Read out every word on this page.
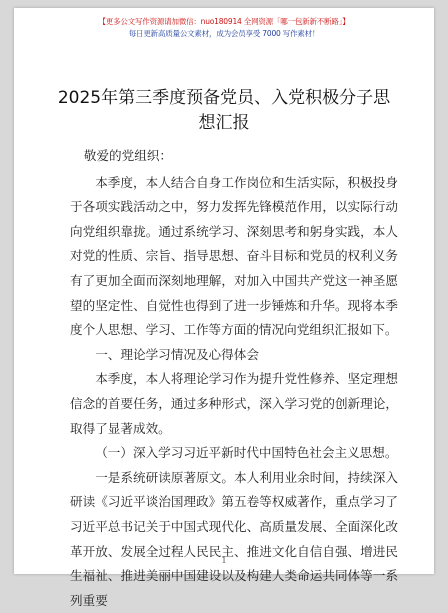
【更多公文写作资源请加微信：nuo180914 全网资源「哪一包新新不断路」】
每日更新高质量公文素材，成为会员享受 7000 写作素材！
2025年第三季度预备党员、入党积极分子思想汇报

敬爱的党组织：

本季度，本人结合自身工作岗位和生活实际，积极投身于各项实践活动之中，努力发挥先锋模范作用，以实际行动向党组织靠拢。通过系统学习、深刻思考和躬身实践，本人对党的性质、宗旨、指导思想、奋斗目标和党员的权利义务有了更加全面而深刻地理解，对加入中国共产党这一神圣愿望的坚定性、自觉性也得到了进一步锤炼和升华。现将本季度个人思想、学习、工作等方面的情况向党组织汇报如下。

一、理论学习情况及心得体会

本季度，本人将理论学习作为提升党性修养、坚定理想信念的首要任务，通过多种形式，深入学习党的创新理论，取得了显著成效。

（一）深入学习习近平新时代中国特色社会主义思想。

一是系统研读原著原文。本人利用业余时间，持续深入研读《习近平谈治国理政》第五卷等权威著作，重点学习了习近平总书记关于中国式现代化、高质量发展、全面深化改革开放、发展全过程人民民主、推进文化自信自强、增进民生福祉、推进美丽中国建设以及构建人类命运共同体等一系列重要

1
